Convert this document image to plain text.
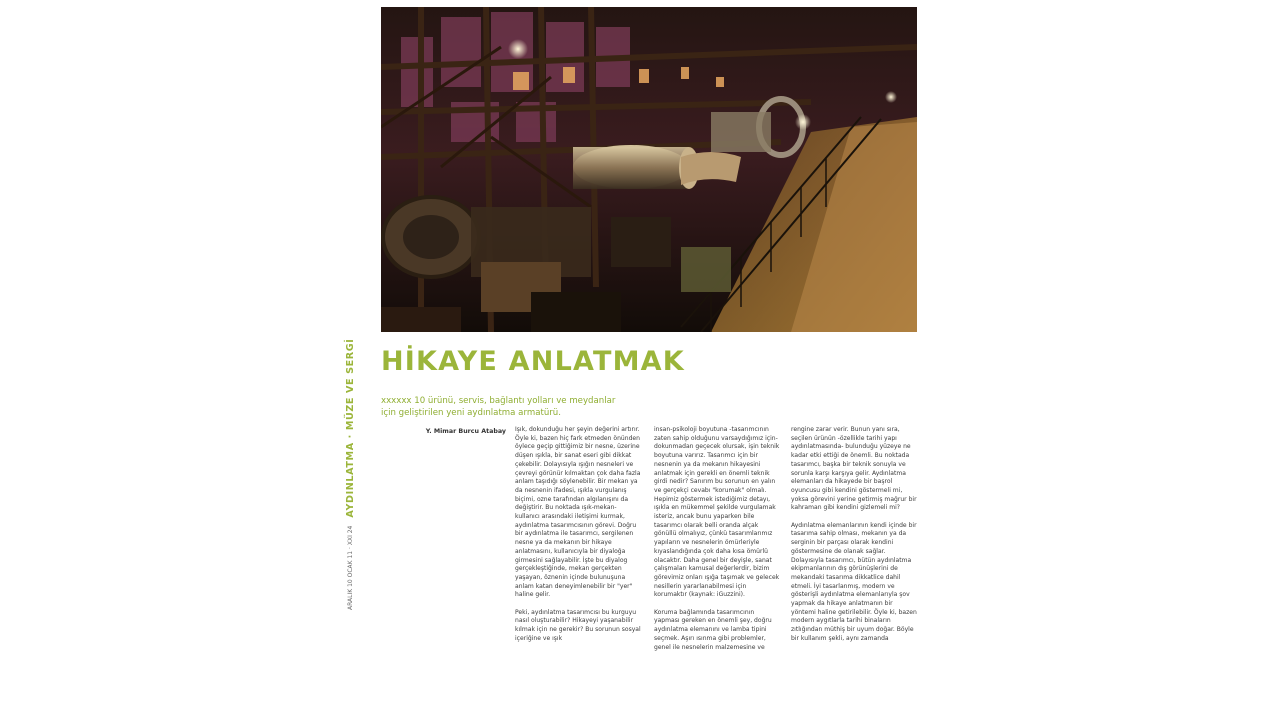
ARALIK 10 OCAK 11 · XXI 24
AYDINLATMA · MÜZE VE SERGİ HİKAYE ANLATMAK
xxxxxx 10 ürünü, servis, bağlantı yolları ve meydanlar için geliştirilen yeni aydınlatma armatürü.
Y. Mimar Burcu Atabay Işık, dokunduğu her şeyin değerini artırır. Öyle ki, bazen hiç fark etmeden önünden öylece geçip gittiğimiz bir nesne, üzerine düşen ışıkla, bir sanat eseri gibi dikkat çekebilir. Dolayısıyla ışığın nesneleri ve çevreyi görünür kılmaktan çok daha fazla anlam taşıdığı söylenebilir. Bir mekan ya da nesnenin ifadesi, ışıkla vurgulanış biçimi, ozne tarafından algılanışını da değiştirir. Bu noktada ışık-mekan-kullanıcı arasındaki iletişimi kurmak, aydınlatma tasarımcısının görevi. Doğru bir aydınlatma ile tasarımcı, sergilenen nesne ya da mekanın bir hikaye anlatmasını, kullanıcıyla bir diyaloğa girmesini sağlayabilir. İşte bu diyalog gerçekleştiğinde, mekan gerçekten yaşayan, öznenin içinde bulunuşuna anlam katan deneyimlenebilir bir "yer" haline gelir.

Peki, aydınlatma tasarımcısı bu kurguyu nasıl oluşturabilir? Hikayeyi yaşanabilir kılmak için ne gerekir? Bu sorunun sosyal içeriğine ve ışık

insan-psikoloji boyutuna -tasarımcının zaten sahip olduğunu varsaydığımız için- dokunmadan geçecek olursak, işin teknik boyutuna varırız. Tasarımcı için bir nesnenin ya da mekanın hikayesini anlatmak için gerekli en önemli teknik girdi nedir? Sanırım bu sorunun en yalın ve gerçekçi cevabı "korumak" olmalı. Hepimiz göstermek istediğimiz detayı, ışıkla en mükemmel şekilde vurgulamak isteriz, ancak bunu yaparken bile tasarımcı olarak belli oranda alçak gönüllü olmalıyız, çünkü tasarımlarımız yapıların ve nesnelerin ömürleriyle kıyaslandığında çok daha kısa ömürlü olacaktır. Daha genel bir deyişle, sanat çalışmaları kamusal değerlerdir, bizim görevimiz onları ışığa taşımak ve gelecek nesillerin yararlanabilmesi için korumaktır (kaynak: iGuzzini).

Koruma bağlamında tasarımcının yapması gereken en önemli şey, doğru aydınlatma elemanını ve lamba tipini seçmek. Aşırı ısınma gibi problemler, genel ile nesnelerin malzemesine ve

rengine zarar verir. Bunun yanı sıra, seçilen ürünün -özellikle tarihi yapı aydınlatmasında- bulunduğu yüzeye ne kadar etki ettiği de önemli. Bu noktada tasarımcı, başka bir teknik sonuyla ve sorunla karşı karşıya gelir. Aydınlatma elemanları da hikayede bir başrol oyuncusu gibi kendini göstermeli mi, yoksa görevini yerine getirmiş mağrur bir kahraman gibi kendini gizlemeli mi?

Aydınlatma elemanlarının kendi içinde bir tasarıma sahip olması, mekanın ya da serginin bir parçası olarak kendini göstermesine de olanak sağlar. Dolayısıyla tasarımcı, bütün aydınlatma ekipmanlarının dış görünüşlerini de mekandaki tasarıma dikkatlice dahil etmeli. İyi tasarlanmış, modern ve gösterişli aydınlatma elemanlarıyla şov yapmak da hikaye anlatmanın bir yöntemi haline getirilebilir. Öyle ki, bazen modern aygıtlarla tarihi binaların zıtlığından müthiş bir uyum doğar. Böyle bir kullanım şekli, aynı zamanda
